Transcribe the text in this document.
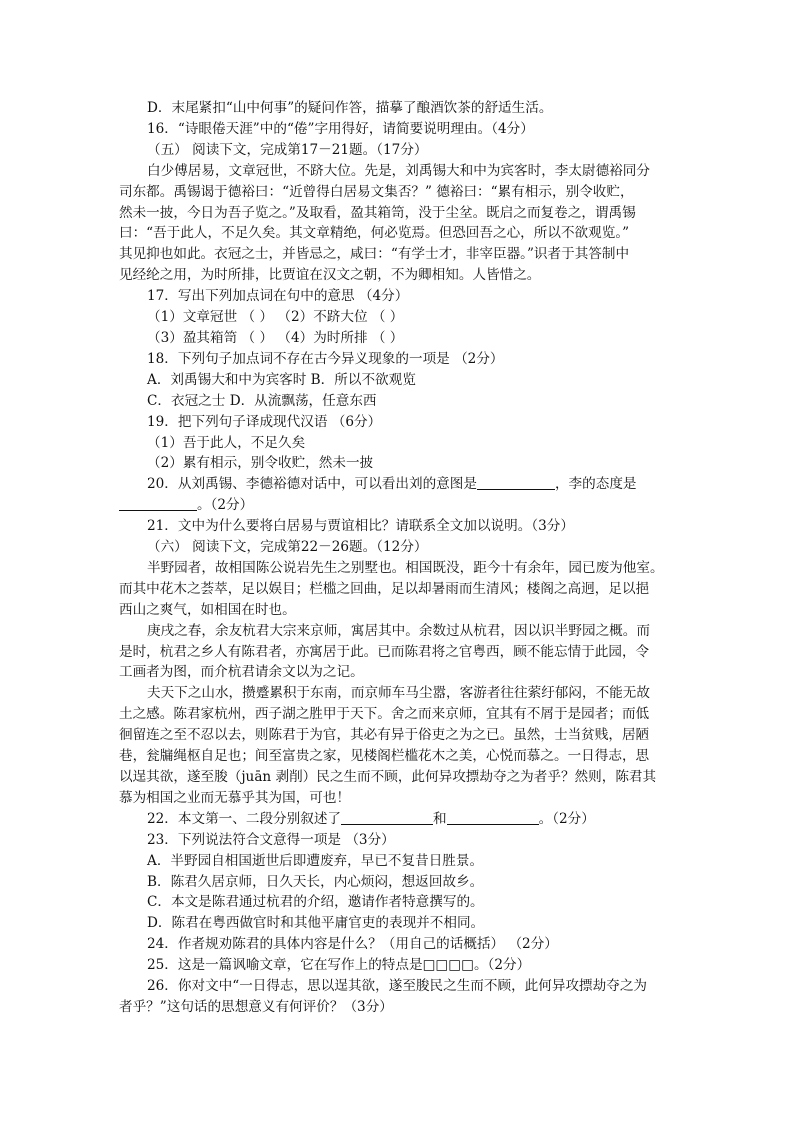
D．末尾紧扣“山中何事”的疑问作答，描摹了酿酒饮茶的舒适生活。
16．“诗眼倦天涯”中的“倦”字用得好，请简要说明理由。（4分）
（五） 阅读下文，完成第17－21题。（17分）
白少傅居易，文章冠世，不跻大位。先是，刘禹锡大和中为宾客时，李太尉德裕同分
司东都。禹锡谒于德裕曰：“近曾得白居易文集否？” 德裕曰：“累有相示，别令收贮，
然未一披，今日为吾子览之。”及取看，盈其箱笥，没于尘坌。既启之而复卷之，谓禹锡
曰：“吾于此人，不足久矣。其文章精绝，何必览焉。但恐回吾之心，所以不欲观览。”
其见抑也如此。衣冠之士，并皆忌之，咸曰：“有学士才，非宰臣器。”识者于其答制中
见经纶之用，为时所排，比贾谊在汉文之朝，不为卿相知。人皆惜之。
17．写出下列加点词在句中的意思 （4分）
（1）文章冠世 （ ） （2）不跻大位 （ ）
（3）盈其箱笥 （ ） （4）为时所排 （ ）
18．下列句子加点词不存在古今异义现象的一项是 （2分）
A．刘禹锡大和中为宾客时 B．所以不欲观览
C．衣冠之士 D．从流飘荡，任意东西
19．把下列句子译成现代汉语 （6分）
（1）吾于此人，不足久矣
（2）累有相示，别令收贮，然未一披
20．从刘禹锡、李德裕德对话中，可以看出刘的意图是	，李的态度是
。（2分）
21．文中为什么要将白居易与贾谊相比？请联系全文加以说明。（3分）
（六） 阅读下文，完成第22－26题。（12分）
半野园者，故相国陈公说岩先生之别墅也。相国既没，距今十有余年，园已废为他室。
而其中花木之荟萃，足以娱目；栏槛之回曲，足以却暑雨而生清风；楼阁之高迥，足以挹
西山之爽气，如相国在时也。
庚戌之春，余友杭君大宗来京师，寓居其中。余数过从杭君，因以识半野园之概。而
是时，杭君之乡人有陈君者，亦寓居于此。已而陈君将之官粤西，顾不能忘情于此园，令
工画者为图，而介杭君请余文以为之记。
夫天下之山水，攒蹙累积于东南，而京师车马尘嚣，客游者往往萦纡郁闷，不能无故
土之感。陈君家杭州，西子湖之胜甲于天下。舍之而来京师，宜其有不屑于是园者；而低
徊留连之至不忍以去，则陈君于为官，其必有异于俗吏之为之已。虽然，士当贫贱，居陋
巷，瓮牖绳枢自足也；间至富贵之家，见楼阁栏槛花木之美，心悦而慕之。一日得志，思
以逞其欲，遂至朘（juān 剥削）民之生而不顾，此何异攻摽劫夺之为者乎？然则，陈君其
慕为相国之业而无慕乎其为国，可也！
22．本文第一、二段分别叙述了	和	。（2分）
23．下列说法符合文意得一项是 （3分）
A．半野园自相国逝世后即遭废弃，早已不复昔日胜景。
B．陈君久居京师，日久天长，内心烦闷，想返回故乡。
C．本文是陈君通过杭君的介绍，邀请作者特意撰写的。
D．陈君在粤西做官时和其他平庸官吏的表现并不相同。
24．作者规劝陈君的具体内容是什么？（用自己的话概括） （2分）
25．这是一篇讽喻文章，它在写作上的特点是□□□□。（2分）
26．你对文中“一日得志，思以逞其欲，遂至朘民之生而不顾，此何异攻摽劫夺之为
者乎？”这句话的思想意义有何评价？（3分）
